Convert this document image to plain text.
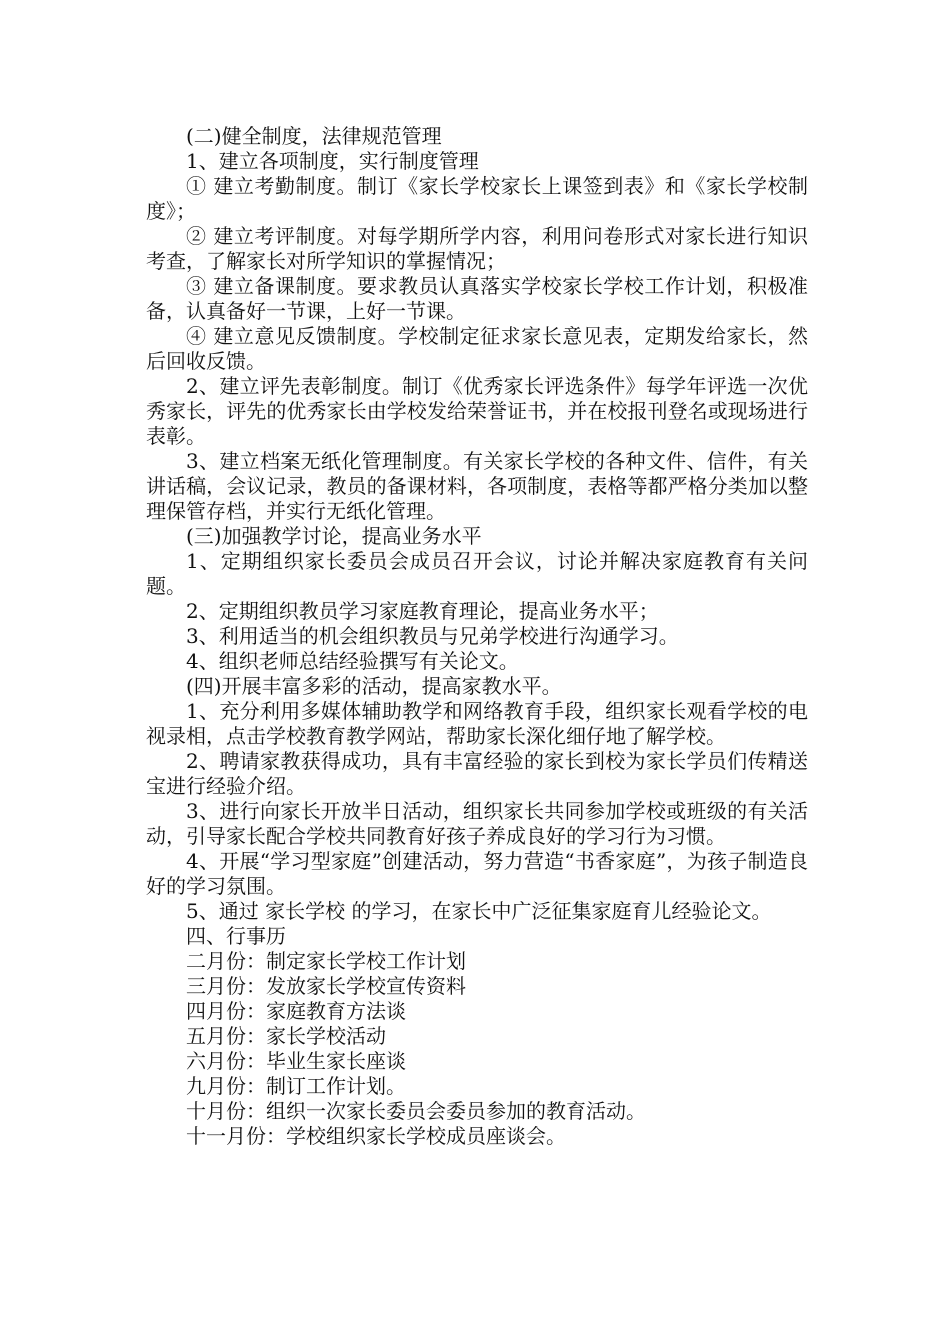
(二)健全制度，法律规范管理

1、建立各项制度，实行制度管理

① 建立考勤制度。制订《家长学校家长上课签到表》和《家长学校制度》；

② 建立考评制度。对每学期所学内容，利用问卷形式对家长进行知识考查，了解家长对所学知识的掌握情况；

③ 建立备课制度。要求教员认真落实学校家长学校工作计划，积极准备，认真备好一节课，上好一节课。

④ 建立意见反馈制度。学校制定征求家长意见表，定期发给家长，然后回收反馈。

2、建立评先表彰制度。制订《优秀家长评选条件》每学年评选一次优秀家长，评先的优秀家长由学校发给荣誉证书，并在校报刊登名或现场进行表彰。

3、建立档案无纸化管理制度。有关家长学校的各种文件、信件，有关讲话稿，会议记录，教员的备课材料，各项制度，表格等都严格分类加以整理保管存档，并实行无纸化管理。

(三)加强教学讨论，提高业务水平

1、定期组织家长委员会成员召开会议，讨论并解决家庭教育有关问题。

2、定期组织教员学习家庭教育理论，提高业务水平；

3、利用适当的机会组织教员与兄弟学校进行沟通学习。

4、组织老师总结经验撰写有关论文。

(四)开展丰富多彩的活动，提高家教水平。

1、充分利用多媒体辅助教学和网络教育手段，组织家长观看学校的电视录相，点击学校教育教学网站，帮助家长深化细仔地了解学校。

2、聘请家教获得成功，具有丰富经验的家长到校为家长学员们传精送宝进行经验介绍。

3、进行向家长开放半日活动，组织家长共同参加学校或班级的有关活动，引导家长配合学校共同教育好孩子养成良好的学习行为习惯。

4、开展“学习型家庭”创建活动，努力营造“书香家庭”，为孩子制造良好的学习氛围。

5、通过 家长学校 的学习，在家长中广泛征集家庭育儿经验论文。

四、行事历

二月份：制定家长学校工作计划

三月份：发放家长学校宣传资料

四月份：家庭教育方法谈

五月份：家长学校活动

六月份：毕业生家长座谈

九月份：制订工作计划。

十月份：组织一次家长委员会委员参加的教育活动。

十一月份：学校组织家长学校成员座谈会。
